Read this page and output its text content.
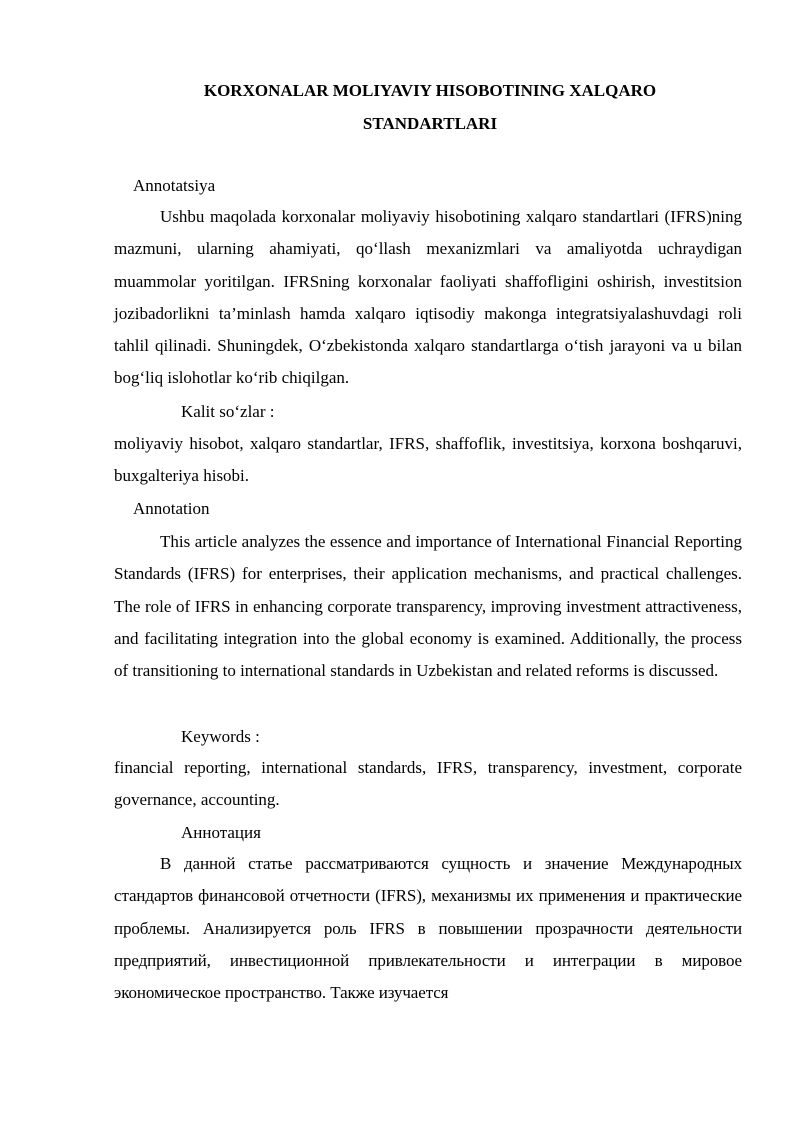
KORXONALAR MOLIYAVIY HISOBOTINING XALQARO
STANDARTLARI

Annotatsiya

Ushbu maqolada korxonalar moliyaviy hisobotining xalqaro standartlari (IFRS)ning mazmuni, ularning ahamiyati, qo‘llash mexanizmlari va amaliyotda uchraydigan muammolar yoritilgan. IFRSning korxonalar faoliyati shaffofligini oshirish, investitsion jozibadorlikni ta’minlash hamda xalqaro iqtisodiy makonga integratsiyalashuvdagi roli tahlil qilinadi. Shuningdek, O‘zbekistonda xalqaro standartlarga o‘tish jarayoni va u bilan bog‘liq islohotlar ko‘rib chiqilgan.

Kalit so‘zlar :

moliyaviy hisobot, xalqaro standartlar, IFRS, shaffoflik, investitsiya, korxona boshqaruvi, buxgalteriya hisobi.

Annotation

This article analyzes the essence and importance of International Financial Reporting Standards (IFRS) for enterprises, their application mechanisms, and practical challenges. The role of IFRS in enhancing corporate transparency, improving investment attractiveness, and facilitating integration into the global economy is examined. Additionally, the process of transitioning to international standards in Uzbekistan and related reforms is discussed.

Keywords :

financial reporting, international standards, IFRS, transparency, investment, corporate governance, accounting.

Аннотация

В данной статье рассматриваются сущность и значение Международных стандартов финансовой отчетности (IFRS), механизмы их применения и практические проблемы. Анализируется роль IFRS в повышении прозрачности деятельности предприятий, инвестиционной привлекательности и интеграции в мировое экономическое пространство. Также изучается
